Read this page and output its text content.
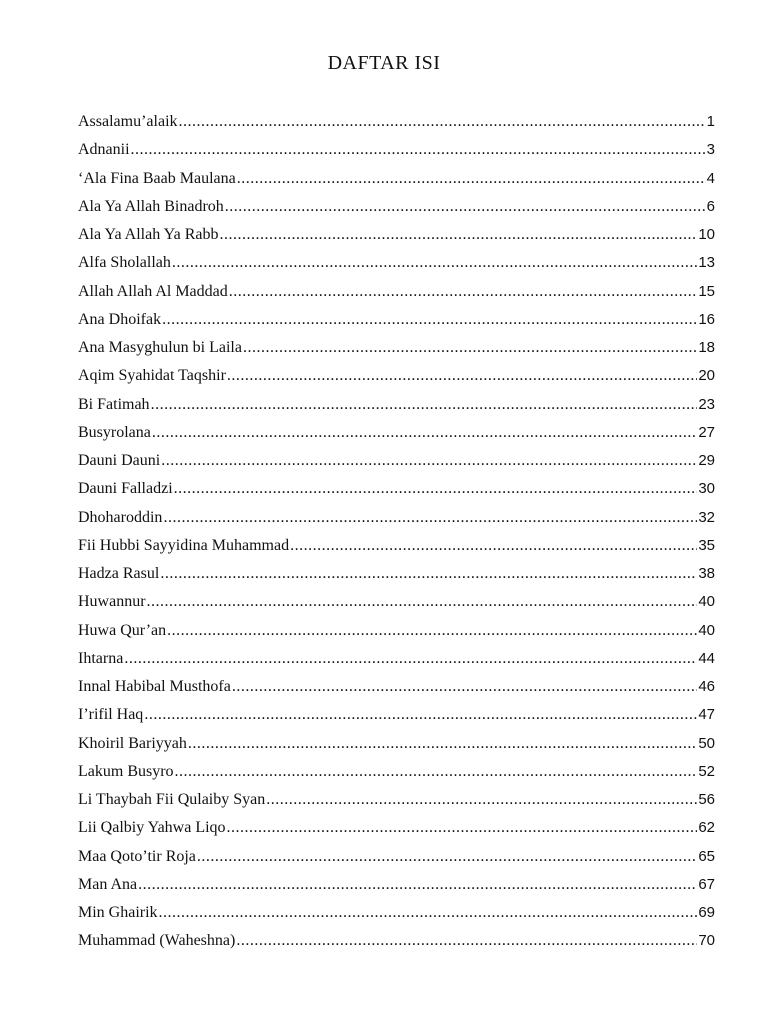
DAFTAR ISI
Assalamu’alaik .....	1
Adnanii .....	3
‘Ala Fina Baab Maulana .....	4
Ala Ya Allah Binadroh .....	6
Ala Ya Allah Ya Rabb .....	10
Alfa Sholallah .....	13
Allah Allah Al Maddad .....	15
Ana Dhoifak .....	16
Ana Masyghulun bi Laila .....	18
Aqim Syahidat Taqshir .....	20
Bi Fatimah .....	23
Busyrolana .....	27
Dauni Dauni .....	29
Dauni Falladzi .....	30
Dhoharoddin .....	32
Fii Hubbi Sayyidina Muhammad .....	35
Hadza Rasul .....	38
Huwannur .....	40
Huwa Qur’an .....	40
Ihtarna .....	44
Innal Habibal Musthofa .....	46
I’rifil Haq .....	47
Khoiril Bariyyah .....	50
Lakum Busyro .....	52
Li Thaybah Fii Qulaiby Syan .....	56
Lii Qalbiy Yahwa Liqo .....	62
Maa Qoto’tir Roja .....	65
Man Ana .....	67
Min Ghairik .....	69
Muhammad (Waheshna) .....	70
